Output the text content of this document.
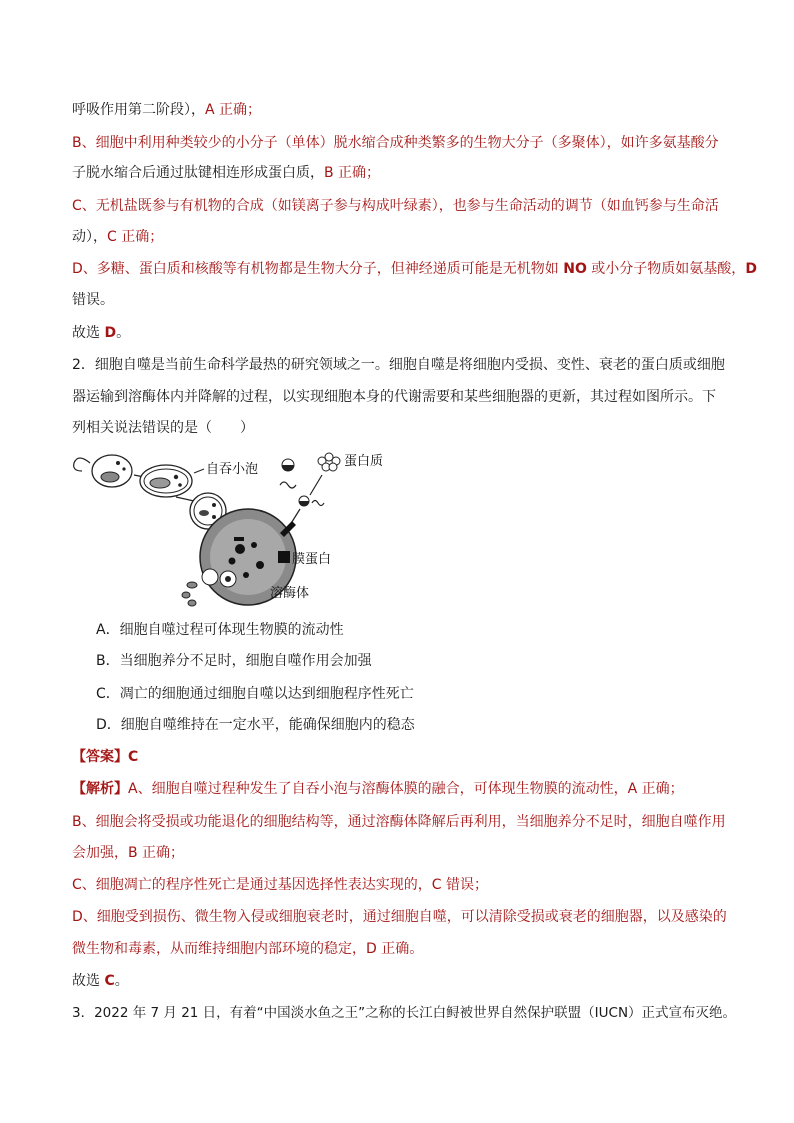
呼吸作用第二阶段），A 正确；
B、细胞中利用种类较少的小分子（单体）脱水缩合成种类繁多的生物大分子（多聚体），如许多氨基酸分
子脱水缩合后通过肽键相连形成蛋白质，B 正确；
C、无机盐既参与有机物的合成（如镁离子参与构成叶绿素），也参与生命活动的调节（如血钙参与生命活
动），C 正确；
D、多糖、蛋白质和核酸等有机物都是生物大分子，但神经递质可能是无机物如 NO 或小分子物质如氨基酸，D
错误。
故选 D。
2．细胞自噬是当前生命科学最热的研究领域之一。细胞自噬是将细胞内受损、变性、衰老的蛋白质或细胞
器运输到溶酶体内并降解的过程，以实现细胞本身的代谢需要和某些细胞器的更新，其过程如图所示。下
列相关说法错误的是（　　）
自吞小泡
膜蛋白
溶酶体
蛋白质
A．细胞自噬过程可体现生物膜的流动性
B．当细胞养分不足时，细胞自噬作用会加强
C．凋亡的细胞通过细胞自噬以达到细胞程序性死亡
D．细胞自噬维持在一定水平，能确保细胞内的稳态
【答案】C
【解析】A、细胞自噬过程种发生了自吞小泡与溶酶体膜的融合，可体现生物膜的流动性，A 正确；
B、细胞会将受损或功能退化的细胞结构等，通过溶酶体降解后再利用，当细胞养分不足时，细胞自噬作用
会加强，B 正确；
C、细胞凋亡的程序性死亡是通过基因选择性表达实现的，C 错误；
D、细胞受到损伤、微生物入侵或细胞衰老时，通过细胞自噬，可以清除受损或衰老的细胞器，以及感染的
微生物和毒素，从而维持细胞内部环境的稳定，D 正确。
故选 C。
3．2022 年 7 月 21 日，有着“中国淡水鱼之王”之称的长江白鲟被世界自然保护联盟（IUCN）正式宣布灭绝。
